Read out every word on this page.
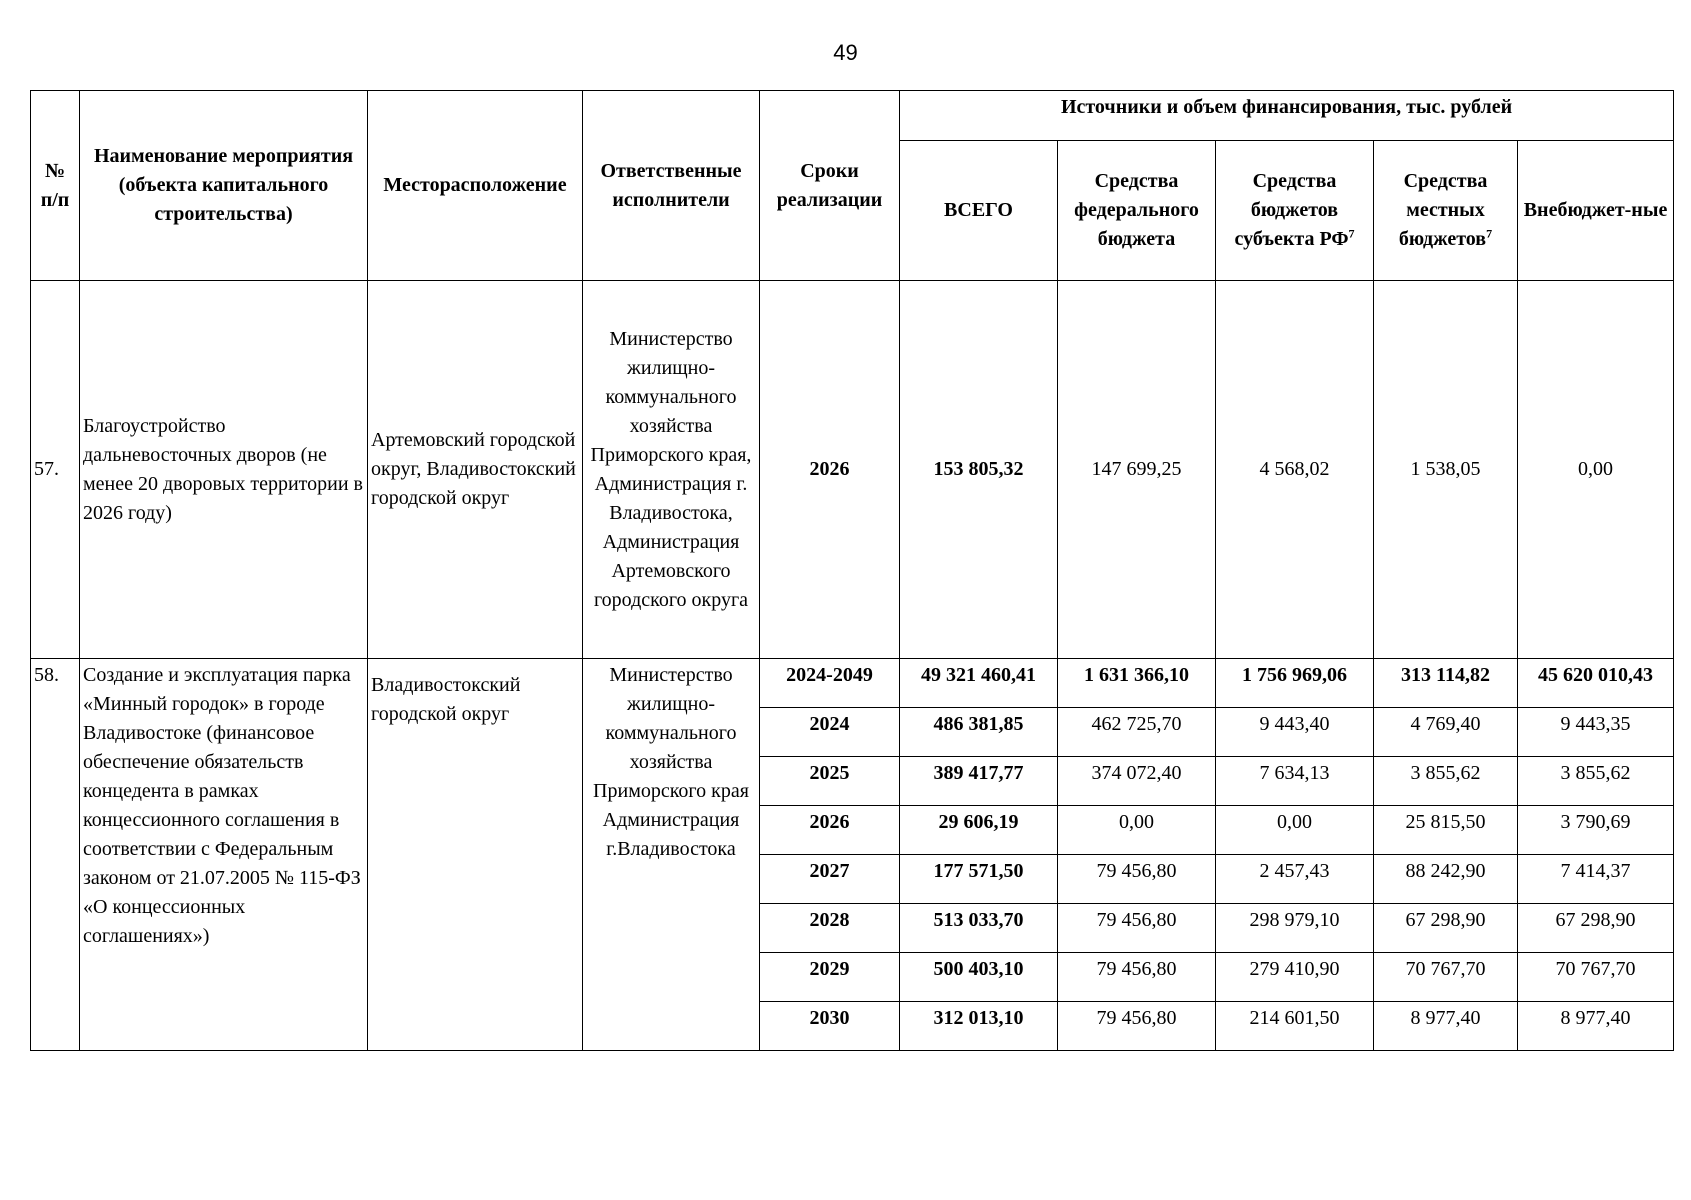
49
№ п/п	Наименование мероприятия (объекта капитального строительства)	Месторасположение	Ответственные исполнители	Сроки реализации	Источники и объем финансирования, тыс. рублей				
					ВСЕГО	Средства федерального бюджета	Средства бюджетов субъекта $РФ^7$	Средства местных бюджетов$^7$	Внебюджет-ные
57.	Благоустройство дальневосточных дворов (не менее 20 дворовых территории в 2026 году)	Артемовский городской округ, Владивостокский городской округ	Министерство жилищно-коммунального хозяйства Приморского края, Администрация г. Владивостока, Администрация Артемовского городского округа	2026	153 805,32	147 699,25	4 568,02	1 538,05	0,00
58.	Создание и эксплуатация парка «Минный городок» в городе Владивостоке (финансовое обеспечение обязательств концедента в рамках концессионного соглашения в соответствии с Федеральным законом от 21.07.2005 № 115-ФЗ «О концессионных соглашениях»)	Владивостокский городской округ	Министерство жилищно-коммунального хозяйства Приморского края Администрация г.Владивостока	2024-2049	49 321 460,41	1 631 366,10	1 756 969,06	313 114,82	45 620 010,43
				2024	486 381,85	462 725,70	9 443,40	4 769,40	9 443,35
				2025	389 417,77	374 072,40	7 634,13	3 855,62	3 855,62
				2026	29 606,19	0,00	0,00	25 815,50	3 790,69
				2027	177 571,50	79 456,80	2 457,43	88 242,90	7 414,37
				2028	513 033,70	79 456,80	298 979,10	67 298,90	67 298,90
				2029	500 403,10	79 456,80	279 410,90	70 767,70	70 767,70
				2030	312 013,10	79 456,80	214 601,50	8 977,40	8 977,40
